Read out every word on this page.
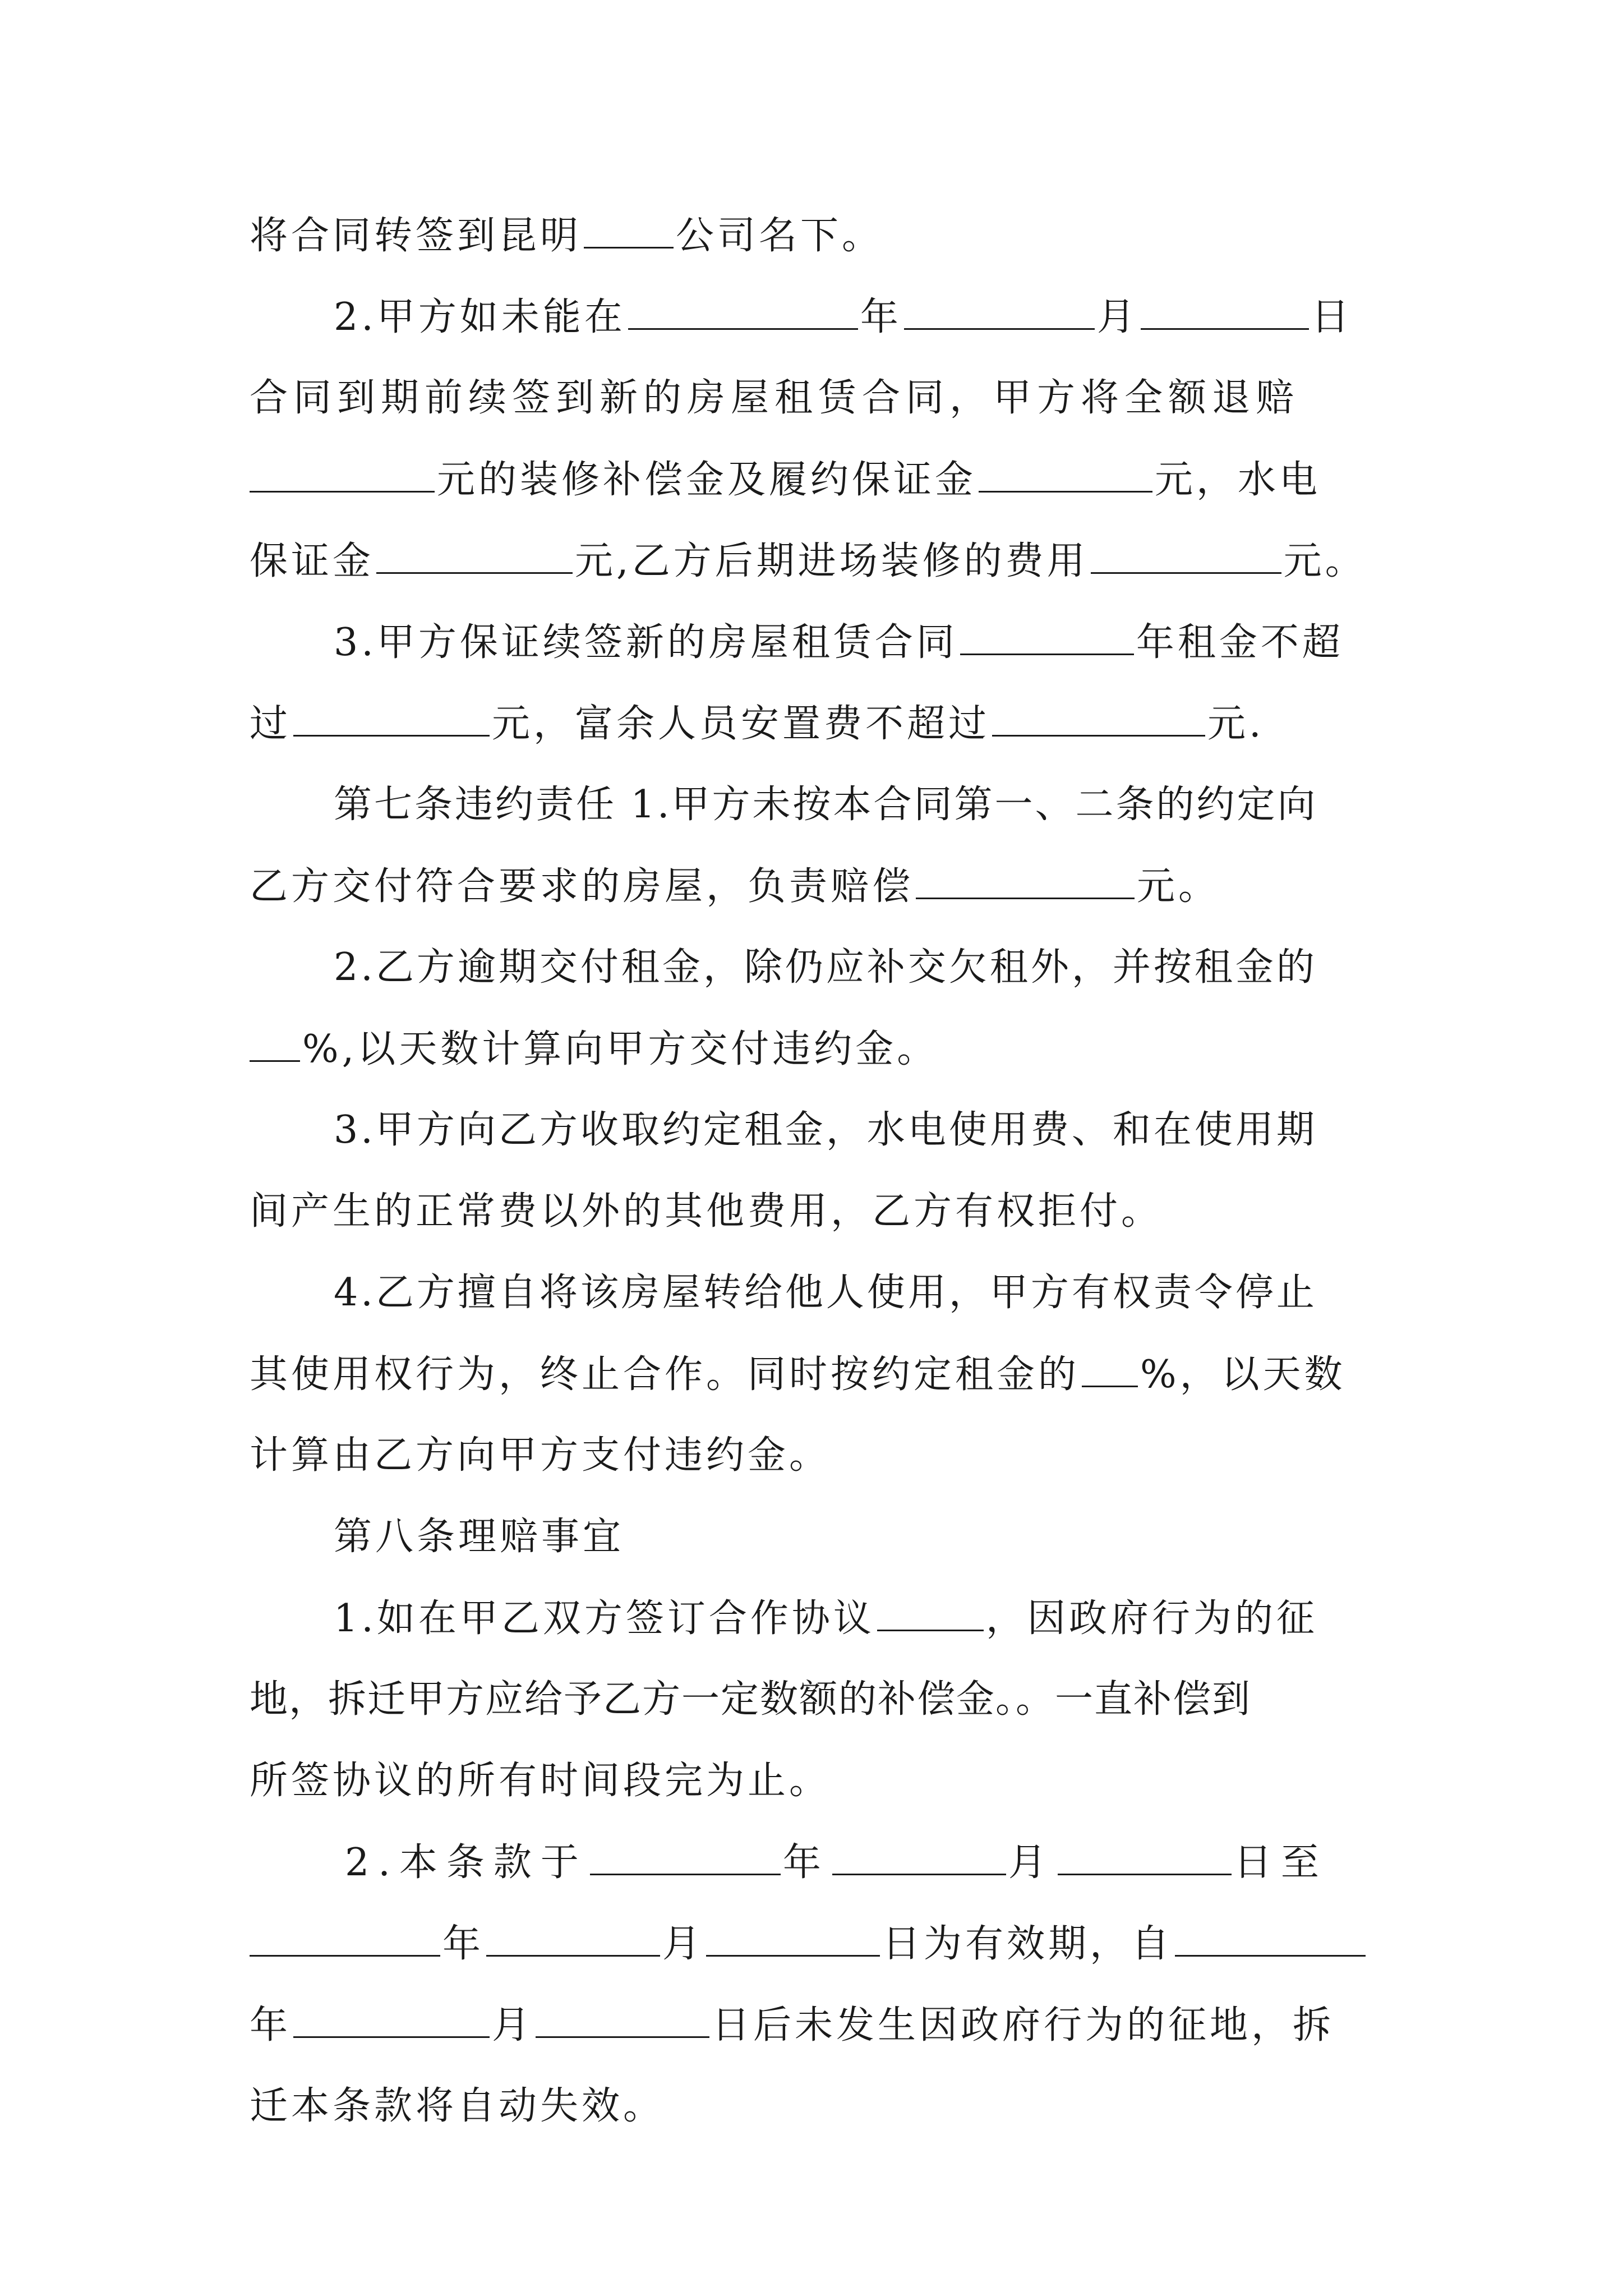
将合同转签到昆明 公司名下。
2.甲方如未能在	年	月	日
合同到期前续签到新的房屋租赁合同，甲方将全额退赔
元的装修补偿金及履约保证金	元，水电
保证金	元,乙方后期进场装修的费用	元。
3.甲方保证续签新的房屋租赁合同	年租金不超
过	元，富余人员安置费不超过	元.
第七条违约责任 1.甲方未按本合同第一、二条的约定向
乙方交付符合要求的房屋，负责赔偿	元。
2.乙方逾期交付租金，除仍应补交欠租外，并按租金的
%,以天数计算向甲方交付违约金。
3.甲方向乙方收取约定租金，水电使用费、和在使用期
间产生的正常费以外的其他费用，乙方有权拒付。
4.乙方擅自将该房屋转给他人使用，甲方有权责令停止
其使用权行为，终止合作。同时按约定租金的 %，以天数
计算由乙方向甲方支付违约金。
第八条理赔事宜
1.如在甲乙双方签订合作协议	，因政府行为的征
地，拆迁甲方应给予乙方一定数额的补偿金。。一直补偿到
所签协议的所有时间段完为止。
2.本条款于	年	月	日至
年	月	日为有效期，自
年	月	日后未发生因政府行为的征地，拆
迁本条款将自动失效。
